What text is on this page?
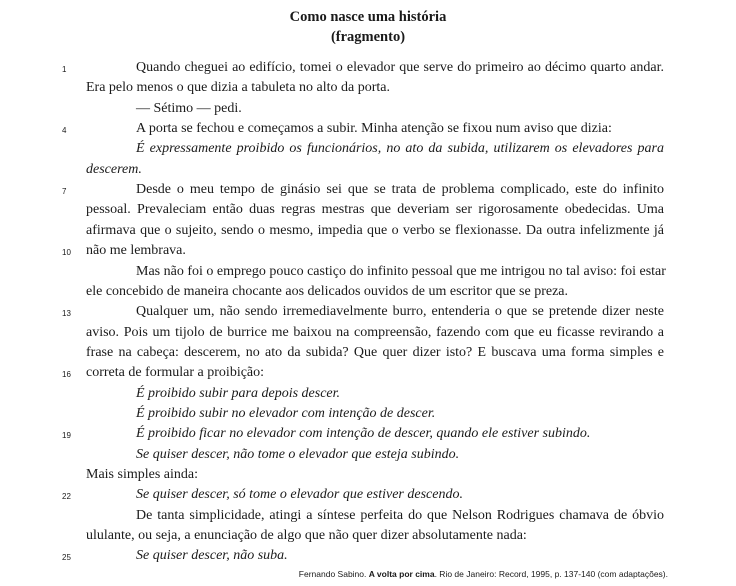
Como nasce uma história
(fragmento)
Quando cheguei ao edifício, tomei o elevador que serve do primeiro ao décimo quarto andar.
1
Era pelo menos o que dizia a tabuleta no alto da porta.
— Sétimo — pedi.
A porta se fechou e começamos a subir. Minha atenção se fixou num aviso que dizia:
4
É expressamente proibido os funcionários, no ato da subida, utilizarem os elevadores para
descerem.
Desde o meu tempo de ginásio sei que se trata de problema complicado, este do infinito
7
pessoal. Prevaleciam então duas regras mestras que deveriam ser rigorosamente obedecidas. Uma
afirmava que o sujeito, sendo o mesmo, impedia que o verbo se flexionasse. Da outra infelizmente já
não me lembrava.
10
Mas não foi o emprego pouco castiço do infinito pessoal que me intrigou no tal aviso: foi estar
ele concebido de maneira chocante aos delicados ouvidos de um escritor que se preza.
Qualquer um, não sendo irremediavelmente burro, entenderia o que se pretende dizer neste
13
aviso. Pois um tijolo de burrice me baixou na compreensão, fazendo com que eu ficasse revirando a
frase na cabeça: descerem, no ato da subida? Que quer dizer isto? E buscava uma forma simples e
correta de formular a proibição:
16
É proibido subir para depois descer.
É proibido subir no elevador com intenção de descer.
É proibido ficar no elevador com intenção de descer, quando ele estiver subindo.
19
Se quiser descer, não tome o elevador que esteja subindo.
Mais simples ainda:
Se quiser descer, só tome o elevador que estiver descendo.
22
De tanta simplicidade, atingi a síntese perfeita do que Nelson Rodrigues chamava de óbvio
ululante, ou seja, a enunciação de algo que não quer dizer absolutamente nada:
Se quiser descer, não suba.
25
Fernando Sabino. A volta por cima. Rio de Janeiro: Record, 1995, p. 137-140 (com adaptações).
